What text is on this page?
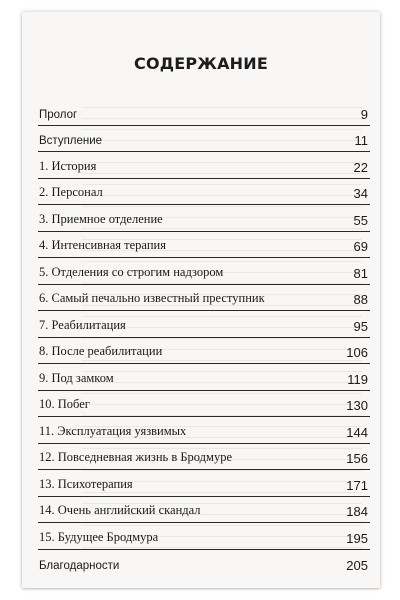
СОДЕРЖАНИЕ
Пролог	9
Вступление	11
1. История	22
2. Персонал	34
3. Приемное отделение	55
4. Интенсивная терапия	69
5. Отделения со строгим надзором	81
6. Самый печально известный преступник	88
7. Реабилитация	95
8. После реабилитации	106
9. Под замком	119
10. Побег	130
11. Эксплуатация уязвимых	144
12. Повседневная жизнь в Бродмуре	156
13. Психотерапия	171
14. Очень английский скандал	184
15. Будущее Бродмура	195
Благодарности	205
